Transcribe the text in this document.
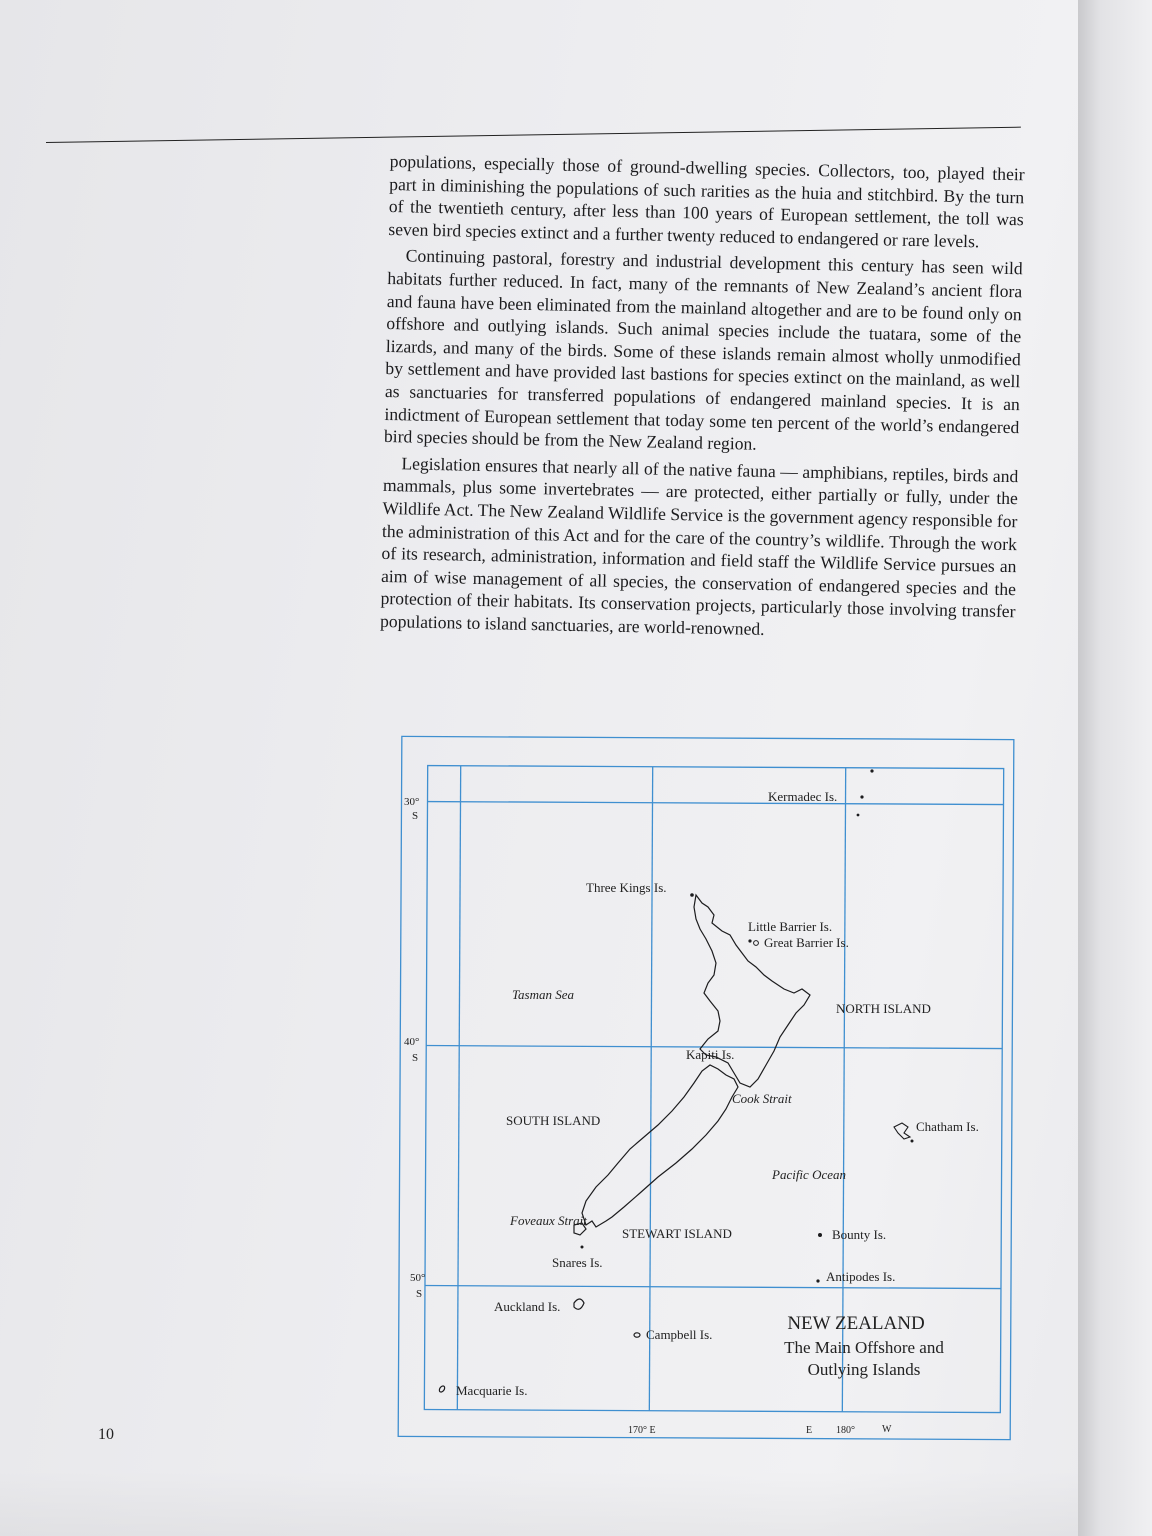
populations, especially those of ground-dwelling species. Collectors, too, played their part in diminishing the populations of such rarities as the huia and stitchbird. By the turn of the twentieth century, after less than 100 years of European settlement, the toll was seven bird species extinct and a further twenty reduced to endangered or rare levels.

Continuing pastoral, forestry and industrial development this century has seen wild habitats further reduced. In fact, many of the remnants of New Zealand’s ancient flora and fauna have been eliminated from the mainland altogether and are to be found only on offshore and outlying islands. Such animal species include the tuatara, some of the lizards, and many of the birds. Some of these islands remain almost wholly unmodified by settlement and have provided last bastions for species extinct on the mainland, as well as sanctuaries for transferred populations of endangered mainland species. It is an indictment of European settlement that today some ten percent of the world’s endangered bird species should be from the New Zealand region.

Legislation ensures that nearly all of the native fauna — amphibians, reptiles, birds and mammals, plus some invertebrates — are protected, either partially or fully, under the Wildlife Act. The New Zealand Wildlife Service is the government agency responsible for the administration of this Act and for the care of the country’s wildlife. Through the work of its research, administration, information and field staff the Wildlife Service pursues an aim of wise management of all species, the conservation of endangered species and the protection of their habitats. Its conservation projects, particularly those involving transfer populations to island sanctuaries, are world-renowned.

10
30°
S
40°
S
50°
S
170° E	E 180°	W
Kermadec Is.
Three Kings Is.
Little Barrier Is.
Great Barrier Is.
Tasman Sea
NORTH ISLAND
Kapiti Is.
Cook Strait
SOUTH ISLAND	Chatham Is.
Pacific Ocean
Foveaux Strait
STEWART ISLAND	Bounty Is.
Snares Is.
Antipodes Is.
Auckland Is.
Campbell Is.
Macquarie Is.
NEW ZEALAND
The Main Offshore and
Outlying Islands
